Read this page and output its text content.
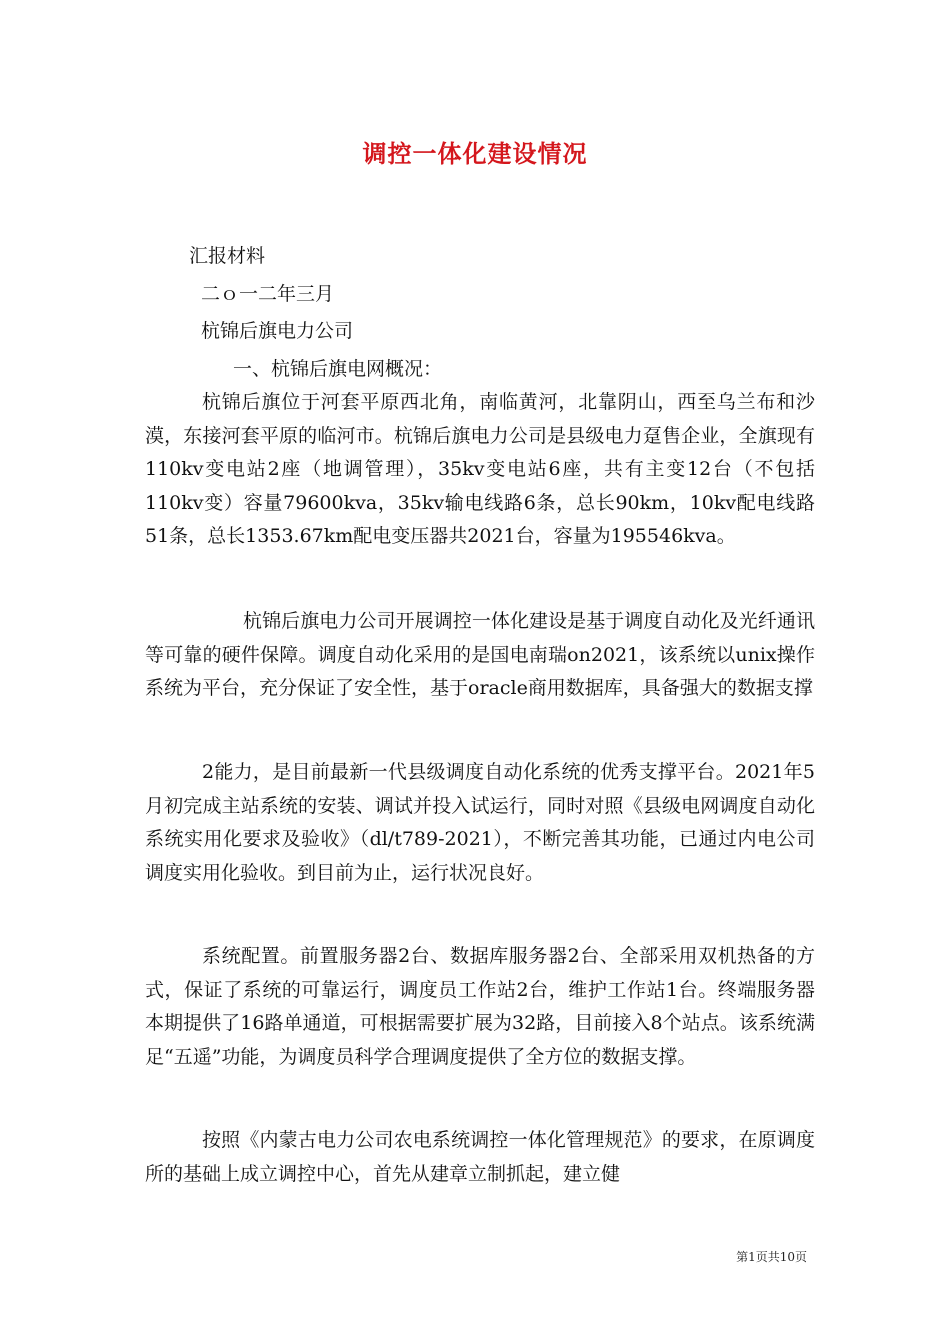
调控一体化建设情况
汇报材料
二ｏ一二年三月
杭锦后旗电力公司
一、杭锦后旗电网概况：

杭锦后旗位于河套平原西北角，南临黄河，北靠阴山，西至乌兰布和沙漠，东接河套平原的临河市。杭锦后旗电力公司是县级电力趸售企业，全旗现有110kv变电站2座（地调管理），35kv变电站6座，共有主变12台（不包括110kv变）容量79600kva，35kv输电线路6条，总长90km，10kv配电线路51条，总长1353.67km配电变压器共2021台，容量为195546kva。

杭锦后旗电力公司开展调控一体化建设是基于调度自动化及光纤通讯等可靠的硬件保障。调度自动化采用的是国电南瑞on2021，该系统以unix操作系统为平台，充分保证了安全性，基于oracle商用数据库，具备强大的数据支撑

2能力，是目前最新一代县级调度自动化系统的优秀支撑平台。2021年5月初完成主站系统的安装、调试并投入试运行，同时对照《县级电网调度自动化系统实用化要求及验收》（dl/t789-2021），不断完善其功能，已通过内电公司调度实用化验收。到目前为止，运行状况良好。

系统配置。前置服务器2台、数据库服务器2台、全部采用双机热备的方式，保证了系统的可靠运行，调度员工作站2台，维护工作站1台。终端服务器本期提供了16路单通道，可根据需要扩展为32路，目前接入8个站点。该系统满足“五遥”功能，为调度员科学合理调度提供了全方位的数据支撑。

按照《内蒙古电力公司农电系统调控一体化管理规范》的要求，在原调度所的基础上成立调控中心，首先从建章立制抓起，建立健

第1页共10页
